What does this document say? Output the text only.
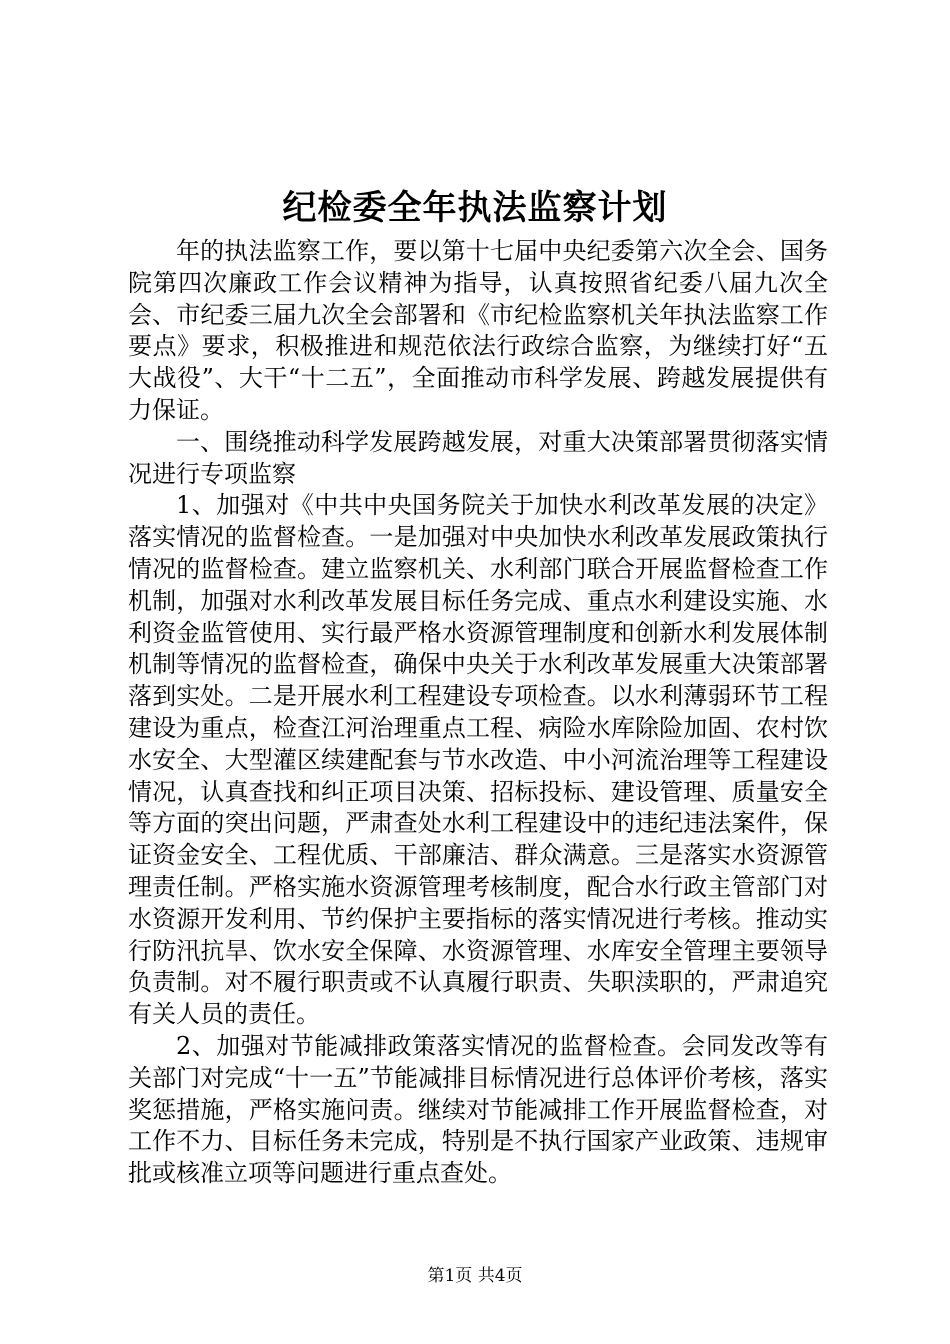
纪检委全年执法监察计划

年的执法监察工作，要以第十七届中央纪委第六次全会、国务院第四次廉政工作会议精神为指导，认真按照省纪委八届九次全会、市纪委三届九次全会部署和《市纪检监察机关年执法监察工作要点》要求，积极推进和规范依法行政综合监察，为继续打好“五大战役”、大干“十二五”，全面推动市科学发展、跨越发展提供有力保证。

一、围绕推动科学发展跨越发展，对重大决策部署贯彻落实情况进行专项监察

1、加强对《中共中央国务院关于加快水利改革发展的决定》落实情况的监督检查。一是加强对中央加快水利改革发展政策执行情况的监督检查。建立监察机关、水利部门联合开展监督检查工作机制，加强对水利改革发展目标任务完成、重点水利建设实施、水利资金监管使用、实行最严格水资源管理制度和创新水利发展体制机制等情况的监督检查，确保中央关于水利改革发展重大决策部署落到实处。二是开展水利工程建设专项检查。以水利薄弱环节工程建设为重点，检查江河治理重点工程、病险水库除险加固、农村饮水安全、大型灌区续建配套与节水改造、中小河流治理等工程建设情况，认真查找和纠正项目决策、招标投标、建设管理、质量安全等方面的突出问题，严肃查处水利工程建设中的违纪违法案件，保证资金安全、工程优质、干部廉洁、群众满意。三是落实水资源管理责任制。严格实施水资源管理考核制度，配合水行政主管部门对水资源开发利用、节约保护主要指标的落实情况进行考核。推动实行防汛抗旱、饮水安全保障、水资源管理、水库安全管理主要领导负责制。对不履行职责或不认真履行职责、失职渎职的，严肃追究有关人员的责任。

2、加强对节能减排政策落实情况的监督检查。会同发改等有关部门对完成“十一五”节能减排目标情况进行总体评价考核，落实奖惩措施，严格实施问责。继续对节能减排工作开展监督检查，对工作不力、目标任务未完成，特别是不执行国家产业政策、违规审批或核准立项等问题进行重点查处。

第1页 共4页
